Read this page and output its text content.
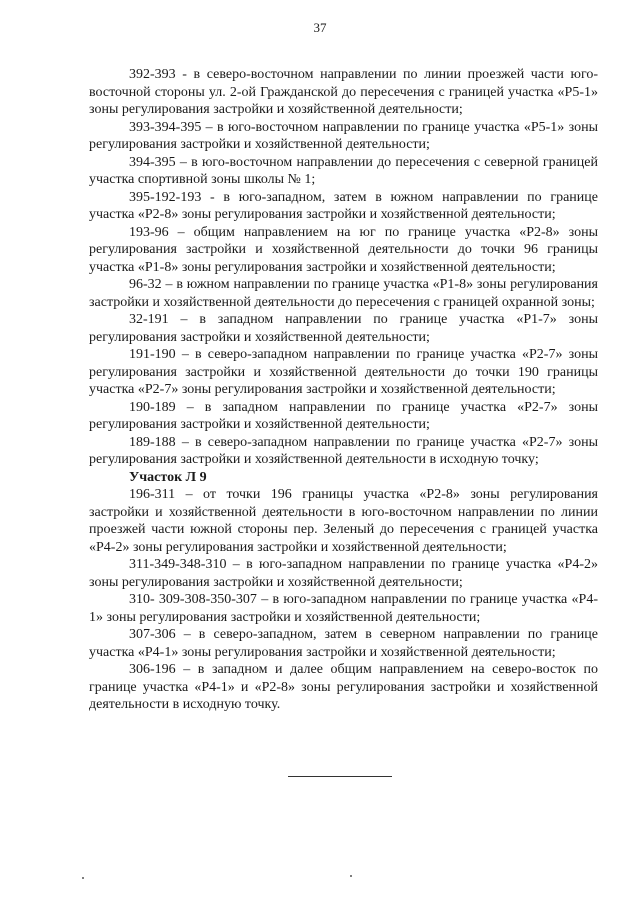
37

392-393 - в северо-восточном направлении по линии проезжей части юго-восточной стороны ул. 2-ой Гражданской до пересечения с границей участка «Р5-1» зоны регулирования застройки и хозяйственной деятельности;

393-394-395 – в юго-восточном направлении по границе участка «Р5-1» зоны регулирования застройки и хозяйственной деятельности;

394-395 – в юго-восточном направлении до пересечения с северной границей участка спортивной зоны школы № 1;

395-192-193 - в юго-западном, затем в южном направлении по границе участка «Р2-8» зоны регулирования застройки и хозяйственной деятельности;

193-96 – общим направлением на юг по границе участка «Р2-8» зоны регулирования застройки и хозяйственной деятельности до точки 96 границы участка «Р1-8» зоны регулирования застройки и хозяйственной деятельности;

96-32 – в южном направлении по границе участка «Р1-8» зоны регулирования застройки и хозяйственной деятельности до пересечения с границей охранной зоны;

32-191 – в западном направлении по границе участка «Р1-7» зоны регулирования застройки и хозяйственной деятельности;

191-190 – в северо-западном направлении по границе участка «Р2-7» зоны регулирования застройки и хозяйственной деятельности до точки 190 границы участка «Р2-7» зоны регулирования застройки и хозяйственной деятельности;

190-189 – в западном направлении по границе участка «Р2-7» зоны регулирования застройки и хозяйственной деятельности;

189-188 – в северо-западном направлении по границе участка «Р2-7» зоны регулирования застройки и хозяйственной деятельности в исходную точку;

Участок Л 9

196-311 – от точки 196 границы участка «Р2-8» зоны регулирования застройки и хозяйственной деятельности в юго-восточном направлении по линии проезжей части южной стороны пер. Зеленый до пересечения с границей участка «Р4-2» зоны регулирования застройки и хозяйственной деятельности;

311-349-348-310 – в юго-западном направлении по границе участка «Р4-2» зоны регулирования застройки и хозяйственной деятельности;

310- 309-308-350-307 – в юго-западном направлении по границе участка «Р4-1» зоны регулирования застройки и хозяйственной деятельности;

307-306 – в северо-западном, затем в северном направлении по границе участка «Р4-1» зоны регулирования застройки и хозяйственной деятельности;

306-196 – в западном и далее общим направлением на северо-восток по границе участка «Р4-1» и «Р2-8» зоны регулирования застройки и хозяйственной деятельности в исходную точку.
